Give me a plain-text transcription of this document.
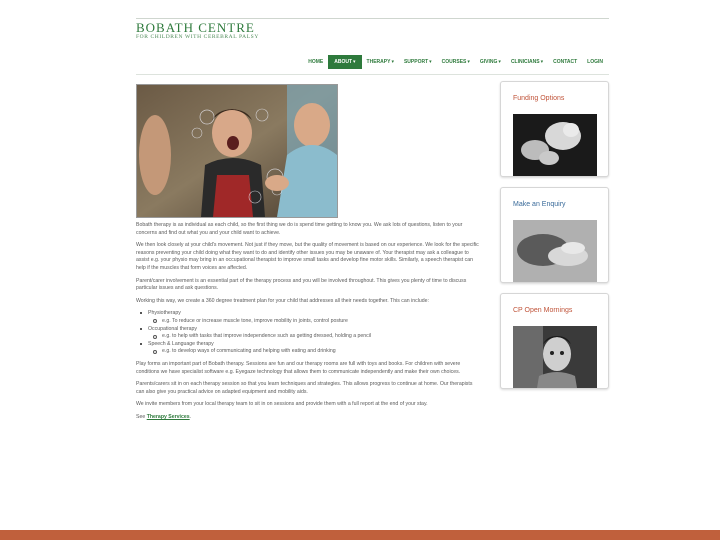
BOBATH CENTRE
FOR CHILDREN WITH CEREBRAL PALSY
HOME ABOUT ▾ THERAPY ▾ SUPPORT ▾ COURSES ▾ GIVING ▾ CLINICIANS ▾ CONTACT LOGIN

Bobath therapy is as individual as each child, so the first thing we do is spend time getting to know you. We ask lots of questions, listen to your concerns and find out what you and your child want to achieve.

We then look closely at your child's movement. Not just if they move, but the quality of movement is based on our experience. We look for the specific reasons preventing your child doing what they want to do and identify other issues you may be unaware of. Your therapist may ask a colleague to assist e.g. your physio may bring in an occupational therapist to improve small tasks and develop fine motor skills. Similarly, a speech therapist can help if the muscles that form voices are affected.

Parent/carer involvement is an essential part of the therapy process and you will be involved throughout. This gives you plenty of time to discuss particular issues and ask questions.

Working this way, we create a 360 degree treatment plan for your child that addresses all their needs together. This can include:

Physiotherapy
e.g. To reduce or increase muscle tone, improve mobility in joints, control posture
Occupational therapy
e.g. to help with tasks that improve independence such as getting dressed, holding a pencil
Speech & Language therapy
e.g. to develop ways of communicating and helping with eating and drinking

Play forms an important part of Bobath therapy. Sessions are fun and our therapy rooms are full with toys and books. For children with severe conditions we have specialist software e.g. Eyegaze technology that allows them to communicate independently and make their own choices.

Parents/carers sit in on each therapy session so that you learn techniques and strategies. This allows progress to continue at home. Our therapists can also give you practical advice on adapted equipment and mobility aids.

We invite members from your local therapy team to sit in on sessions and provide them with a full report at the end of your stay.

See Therapy Services.

Funding Options
Make an Enquiry
CP Open Mornings
